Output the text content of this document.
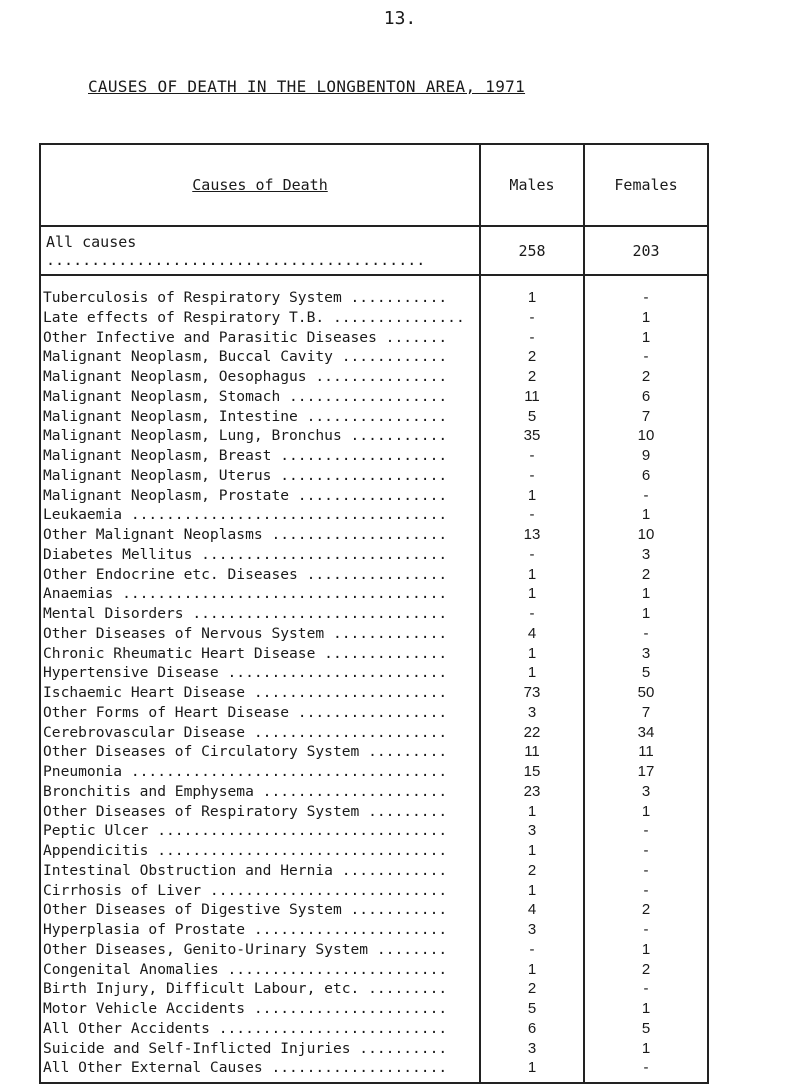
13.
CAUSES OF DEATH IN THE LONGBENTON AREA, 1971
Causes of Death	Males	Females
All causes ..........................................	258	203
Tuberculosis of Respiratory System ...........	1	-
Late effects of Respiratory T.B. ...............	-	1
Other Infective and Parasitic Diseases .......	-	1
Malignant Neoplasm, Buccal Cavity ............	2	-
Malignant Neoplasm, Oesophagus ...............	2	2
Malignant Neoplasm, Stomach ..................	11	6
Malignant Neoplasm, Intestine ................	5	7
Malignant Neoplasm, Lung, Bronchus ...........	35	10
Malignant Neoplasm, Breast ...................	-	9
Malignant Neoplasm, Uterus ...................	-	6
Malignant Neoplasm, Prostate .................	1	-
Leukaemia ....................................	-	1
Other Malignant Neoplasms ....................	13	10
Diabetes Mellitus ............................	-	3
Other Endocrine etc. Diseases ................	1	2
Anaemias .....................................	1	1
Mental Disorders .............................	-	1
Other Diseases of Nervous System .............	4	-
Chronic Rheumatic Heart Disease ..............	1	3
Hypertensive Disease .........................	1	5
Ischaemic Heart Disease ......................	73	50
Other Forms of Heart Disease .................	3	7
Cerebrovascular Disease ......................	22	34
Other Diseases of Circulatory System .........	11	11
Pneumonia ....................................	15	17
Bronchitis and Emphysema .....................	23	3
Other Diseases of Respiratory System .........	1	1
Peptic Ulcer .................................	3	-
Appendicitis .................................	1	-
Intestinal Obstruction and Hernia ............	2	-
Cirrhosis of Liver ...........................	1	-
Other Diseases of Digestive System ...........	4	2
Hyperplasia of Prostate ......................	3	-
Other Diseases, Genito-Urinary System ........	-	1
Congenital Anomalies .........................	1	2
Birth Injury, Difficult Labour, etc. .........	2	-
Motor Vehicle Accidents ......................	5	1
All Other Accidents ..........................	6	5
Suicide and Self-Inflicted Injuries ..........	3	1
All Other External Causes ....................	1	-
